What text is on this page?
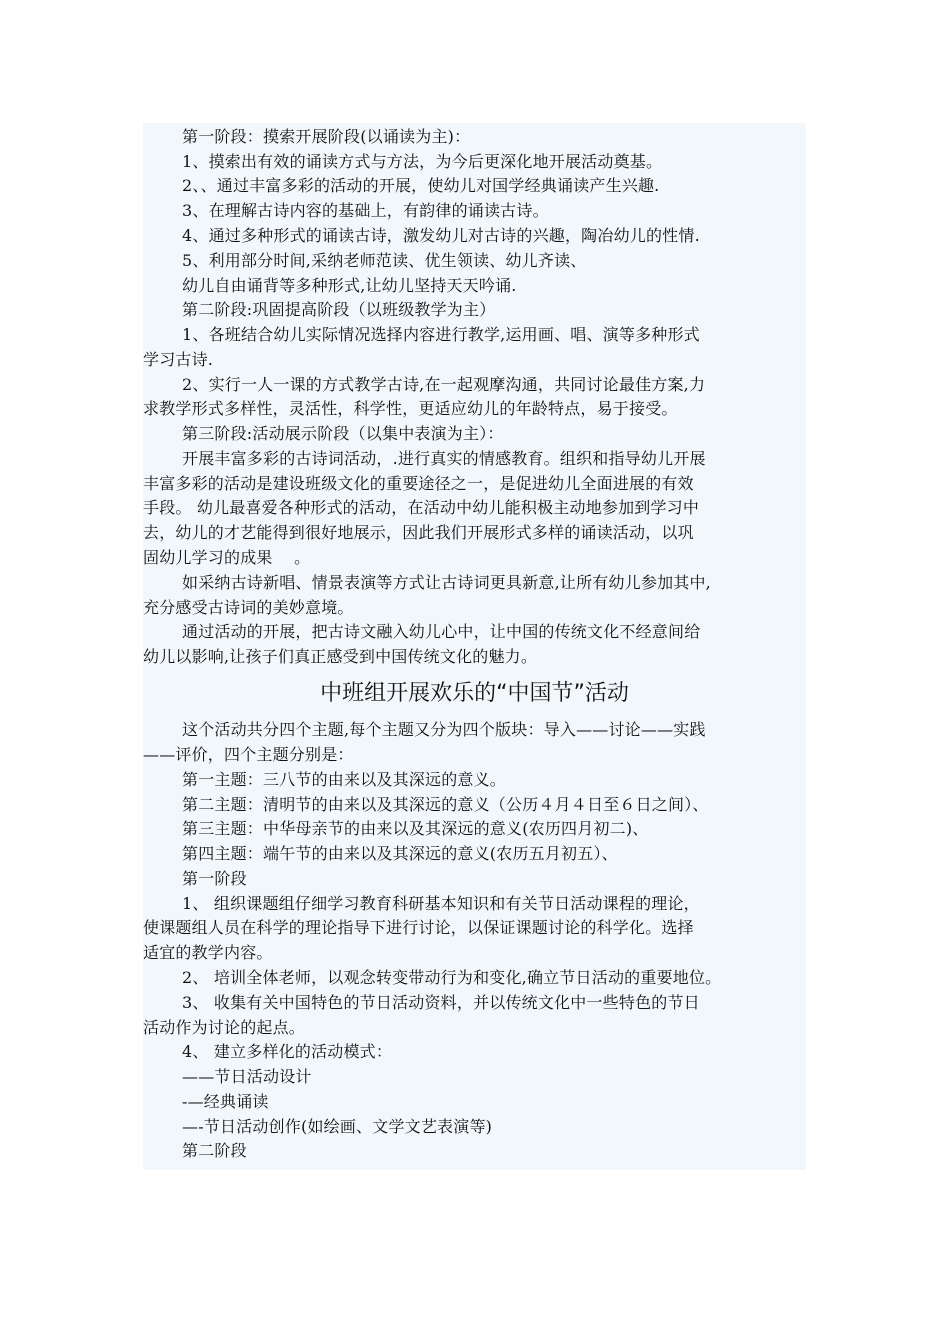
第一阶段：摸索开展阶段(以诵读为主)：
1、摸索出有效的诵读方式与方法，为今后更深化地开展活动奠基。
2、、通过丰富多彩的活动的开展，使幼儿对国学经典诵读产生兴趣.
3、在理解古诗内容的基础上，有韵律的诵读古诗。
4、通过多种形式的诵读古诗，激发幼儿对古诗的兴趣，陶冶幼儿的性情.
5、利用部分时间,采纳老师范读、优生领读、幼儿齐读、
幼儿自由诵背等多种形式,让幼儿坚持天天吟诵.
第二阶段:巩固提高阶段（以班级教学为主）
1、各班结合幼儿实际情况选择内容进行教学,运用画、唱、演等多种形式
学习古诗.
2、实行一人一课的方式教学古诗,在一起观摩沟通，共同讨论最佳方案,力
求教学形式多样性，灵活性，科学性，更适应幼儿的年龄特点，易于接受。
第三阶段:活动展示阶段（以集中表演为主）：
开展丰富多彩的古诗词活动，.进行真实的情感教育。组织和指导幼儿开展
丰富多彩的活动是建设班级文化的重要途径之一，是促进幼儿全面进展的有效
手段。 幼儿最喜爱各种形式的活动，在活动中幼儿能积极主动地参加到学习中
去，幼儿的才艺能得到很好地展示，因此我们开展形式多样的诵读活动，以巩
固幼儿学习的成果　 。
如采纳古诗新唱、情景表演等方式让古诗词更具新意,让所有幼儿参加其中,
充分感受古诗词的美妙意境。
通过活动的开展，把古诗文融入幼儿心中，让中国的传统文化不经意间给
幼儿以影响,让孩子们真正感受到中国传统文化的魅力。
中班组开展欢乐的“中国节”活动
这个活动共分四个主题,每个主题又分为四个版块：导入——讨论——实践
——评价，四个主题分别是：
第一主题：三八节的由来以及其深远的意义。
第二主题：清明节的由来以及其深远的意义（公历４月４日至６日之间）、
第三主题：中华母亲节的由来以及其深远的意义(农历四月初二)、
第四主题：端午节的由来以及其深远的意义(农历五月初五）、
第一阶段
1、 组织课题组仔细学习教育科研基本知识和有关节日活动课程的理论，
使课题组人员在科学的理论指导下进行讨论，以保证课题讨论的科学化。选择
适宜的教学内容。
2、 培训全体老师，以观念转变带动行为和变化,确立节日活动的重要地位。
3、 收集有关中国特色的节日活动资料，并以传统文化中一些特色的节日
活动作为讨论的起点。
4、 建立多样化的活动模式：
——节日活动设计
-—经典诵读
—-节日活动创作(如绘画、文学文艺表演等)
第二阶段
